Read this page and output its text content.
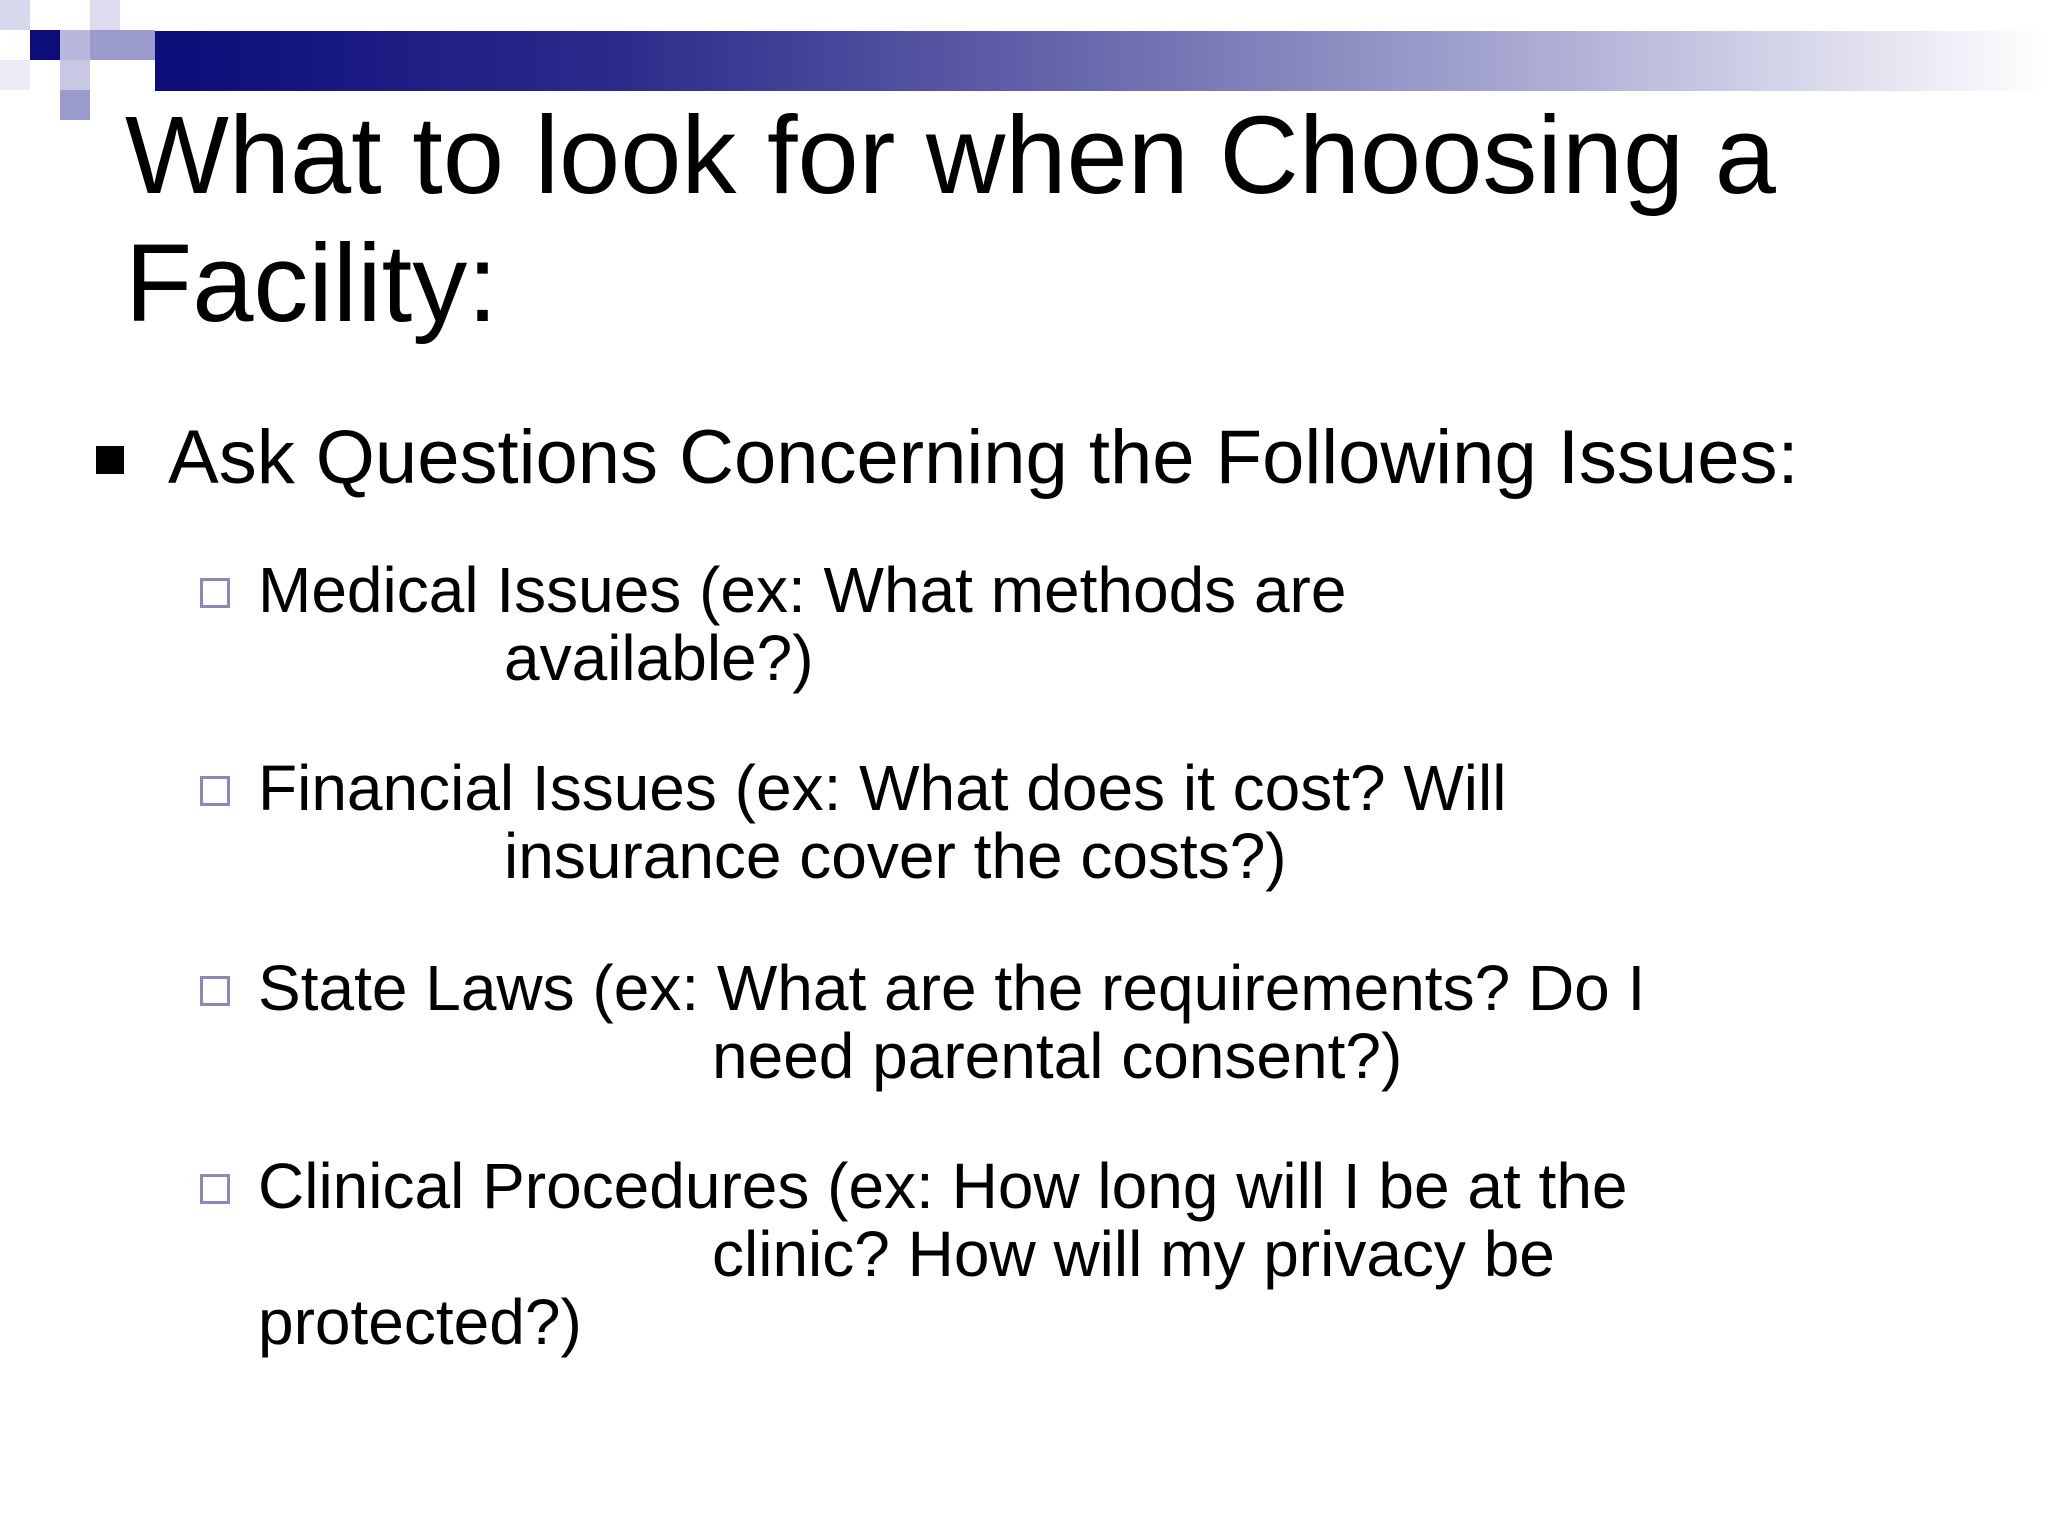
What to look for when Choosing a
Facility:
Ask Questions Concerning the Following Issues:
Medical Issues (ex: What methods are
available?)
Financial Issues (ex: What does it cost? Will
insurance cover the costs?)
State Laws (ex: What are the requirements? Do I
need parental consent?)
Clinical Procedures (ex: How long will I be at the
clinic? How will my privacy be
protected?)
